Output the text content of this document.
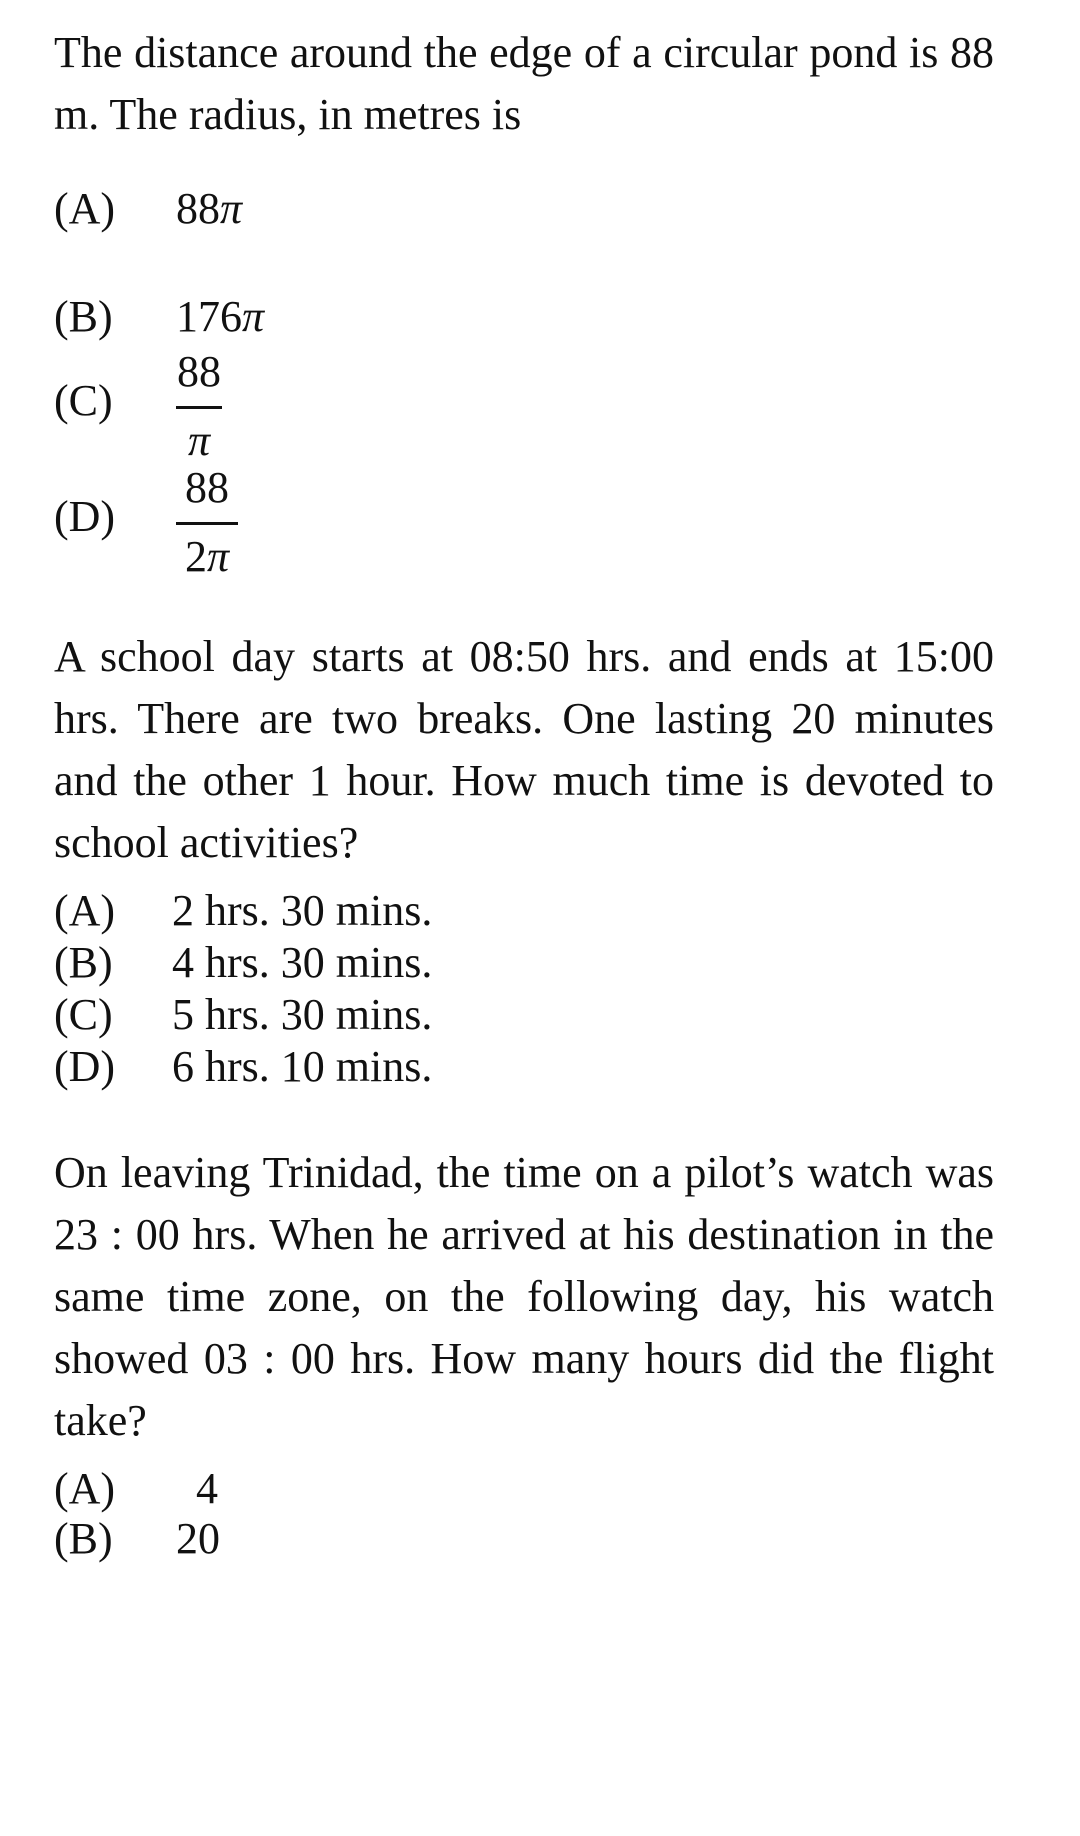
The distance around the edge of a circular pond is 88 m. The radius, in metres is

(A) 88π
(B) 176π
(C)
88
π
(D)
88
2π

A school day starts at 08:50 hrs. and ends at 15:00 hrs. There are two breaks. One lasting 20 minutes and the other 1 hour. How much time is devoted to school activities?

(A) 2 hrs. 30 mins.
(B) 4 hrs. 30 mins.
(C) 5 hrs. 30 mins.
(D) 6 hrs. 10 mins.

On leaving Trinidad, the time on a pilot’s watch was 23 : 00 hrs. When he arrived at his destination in the same time zone, on the following day, his watch showed 03 : 00 hrs. How many hours did the flight take?

(A) 4
(B) 20
